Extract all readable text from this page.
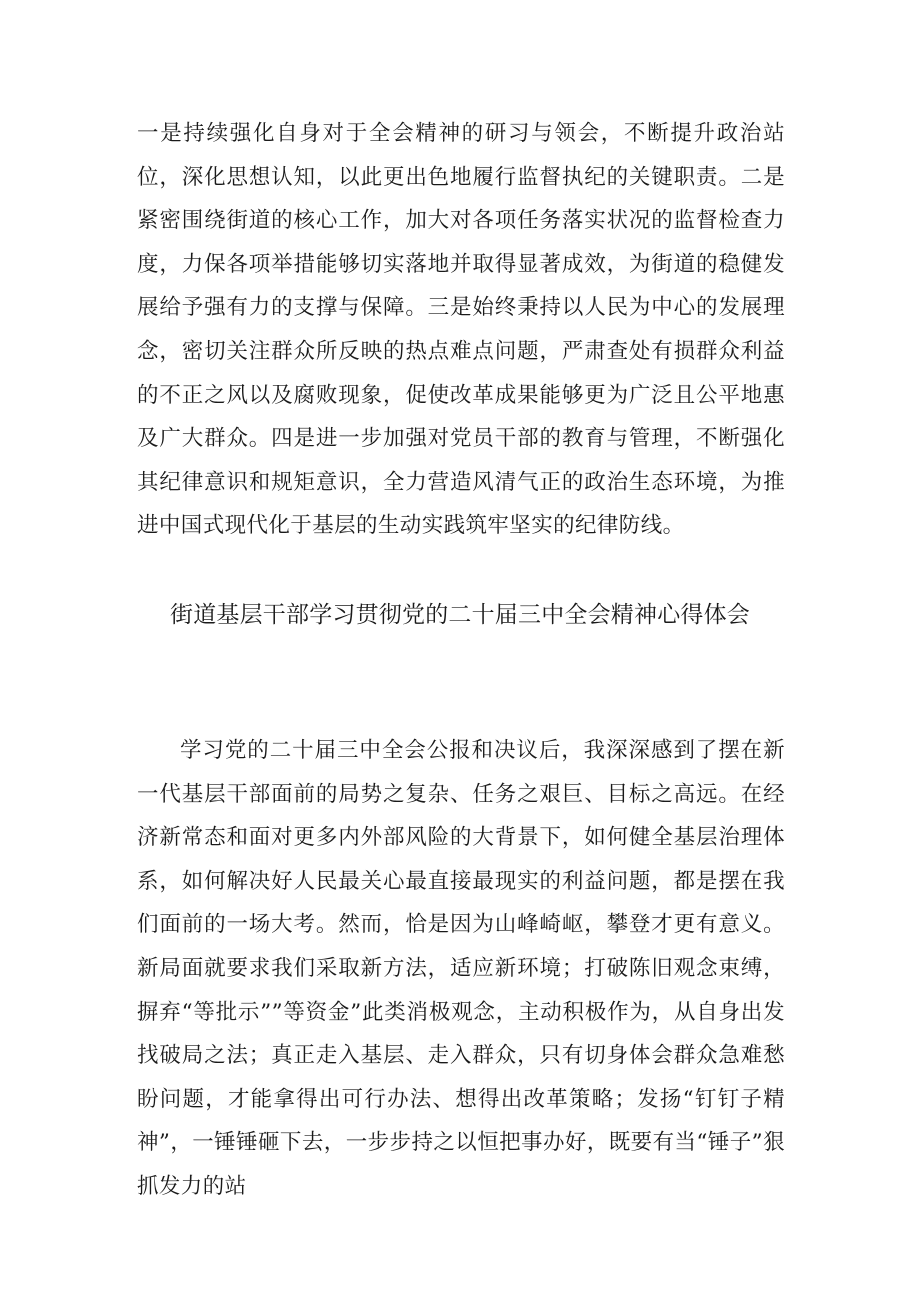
一是持续强化自身对于全会精神的研习与领会，不断提升政治站位，深化思想认知，以此更出色地履行监督执纪的关键职责。二是紧密围绕街道的核心工作，加大对各项任务落实状况的监督检查力度，力保各项举措能够切实落地并取得显著成效，为街道的稳健发展给予强有力的支撑与保障。三是始终秉持以人民为中心的发展理念，密切关注群众所反映的热点难点问题，严肃查处有损群众利益的不正之风以及腐败现象，促使改革成果能够更为广泛且公平地惠及广大群众。四是进一步加强对党员干部的教育与管理，不断强化其纪律意识和规矩意识，全力营造风清气正的政治生态环境，为推进中国式现代化于基层的生动实践筑牢坚实的纪律防线。

街道基层干部学习贯彻党的二十届三中全会精神心得体会

学习党的二十届三中全会公报和决议后，我深深感到了摆在新一代基层干部面前的局势之复杂、任务之艰巨、目标之高远。在经济新常态和面对更多内外部风险的大背景下，如何健全基层治理体系，如何解决好人民最关心最直接最现实的利益问题，都是摆在我们面前的一场大考。然而，恰是因为山峰崎岖，攀登才更有意义。新局面就要求我们采取新方法，适应新环境；打破陈旧观念束缚，摒弃“等批示””等资金”此类消极观念，主动积极作为，从自身出发找破局之法；真正走入基层、走入群众，只有切身体会群众急难愁盼问题，才能拿得出可行办法、想得出改革策略；发扬“钉钉子精神”，一锤锤砸下去，一步步持之以恒把事办好，既要有当“锤子”狠抓发力的站
